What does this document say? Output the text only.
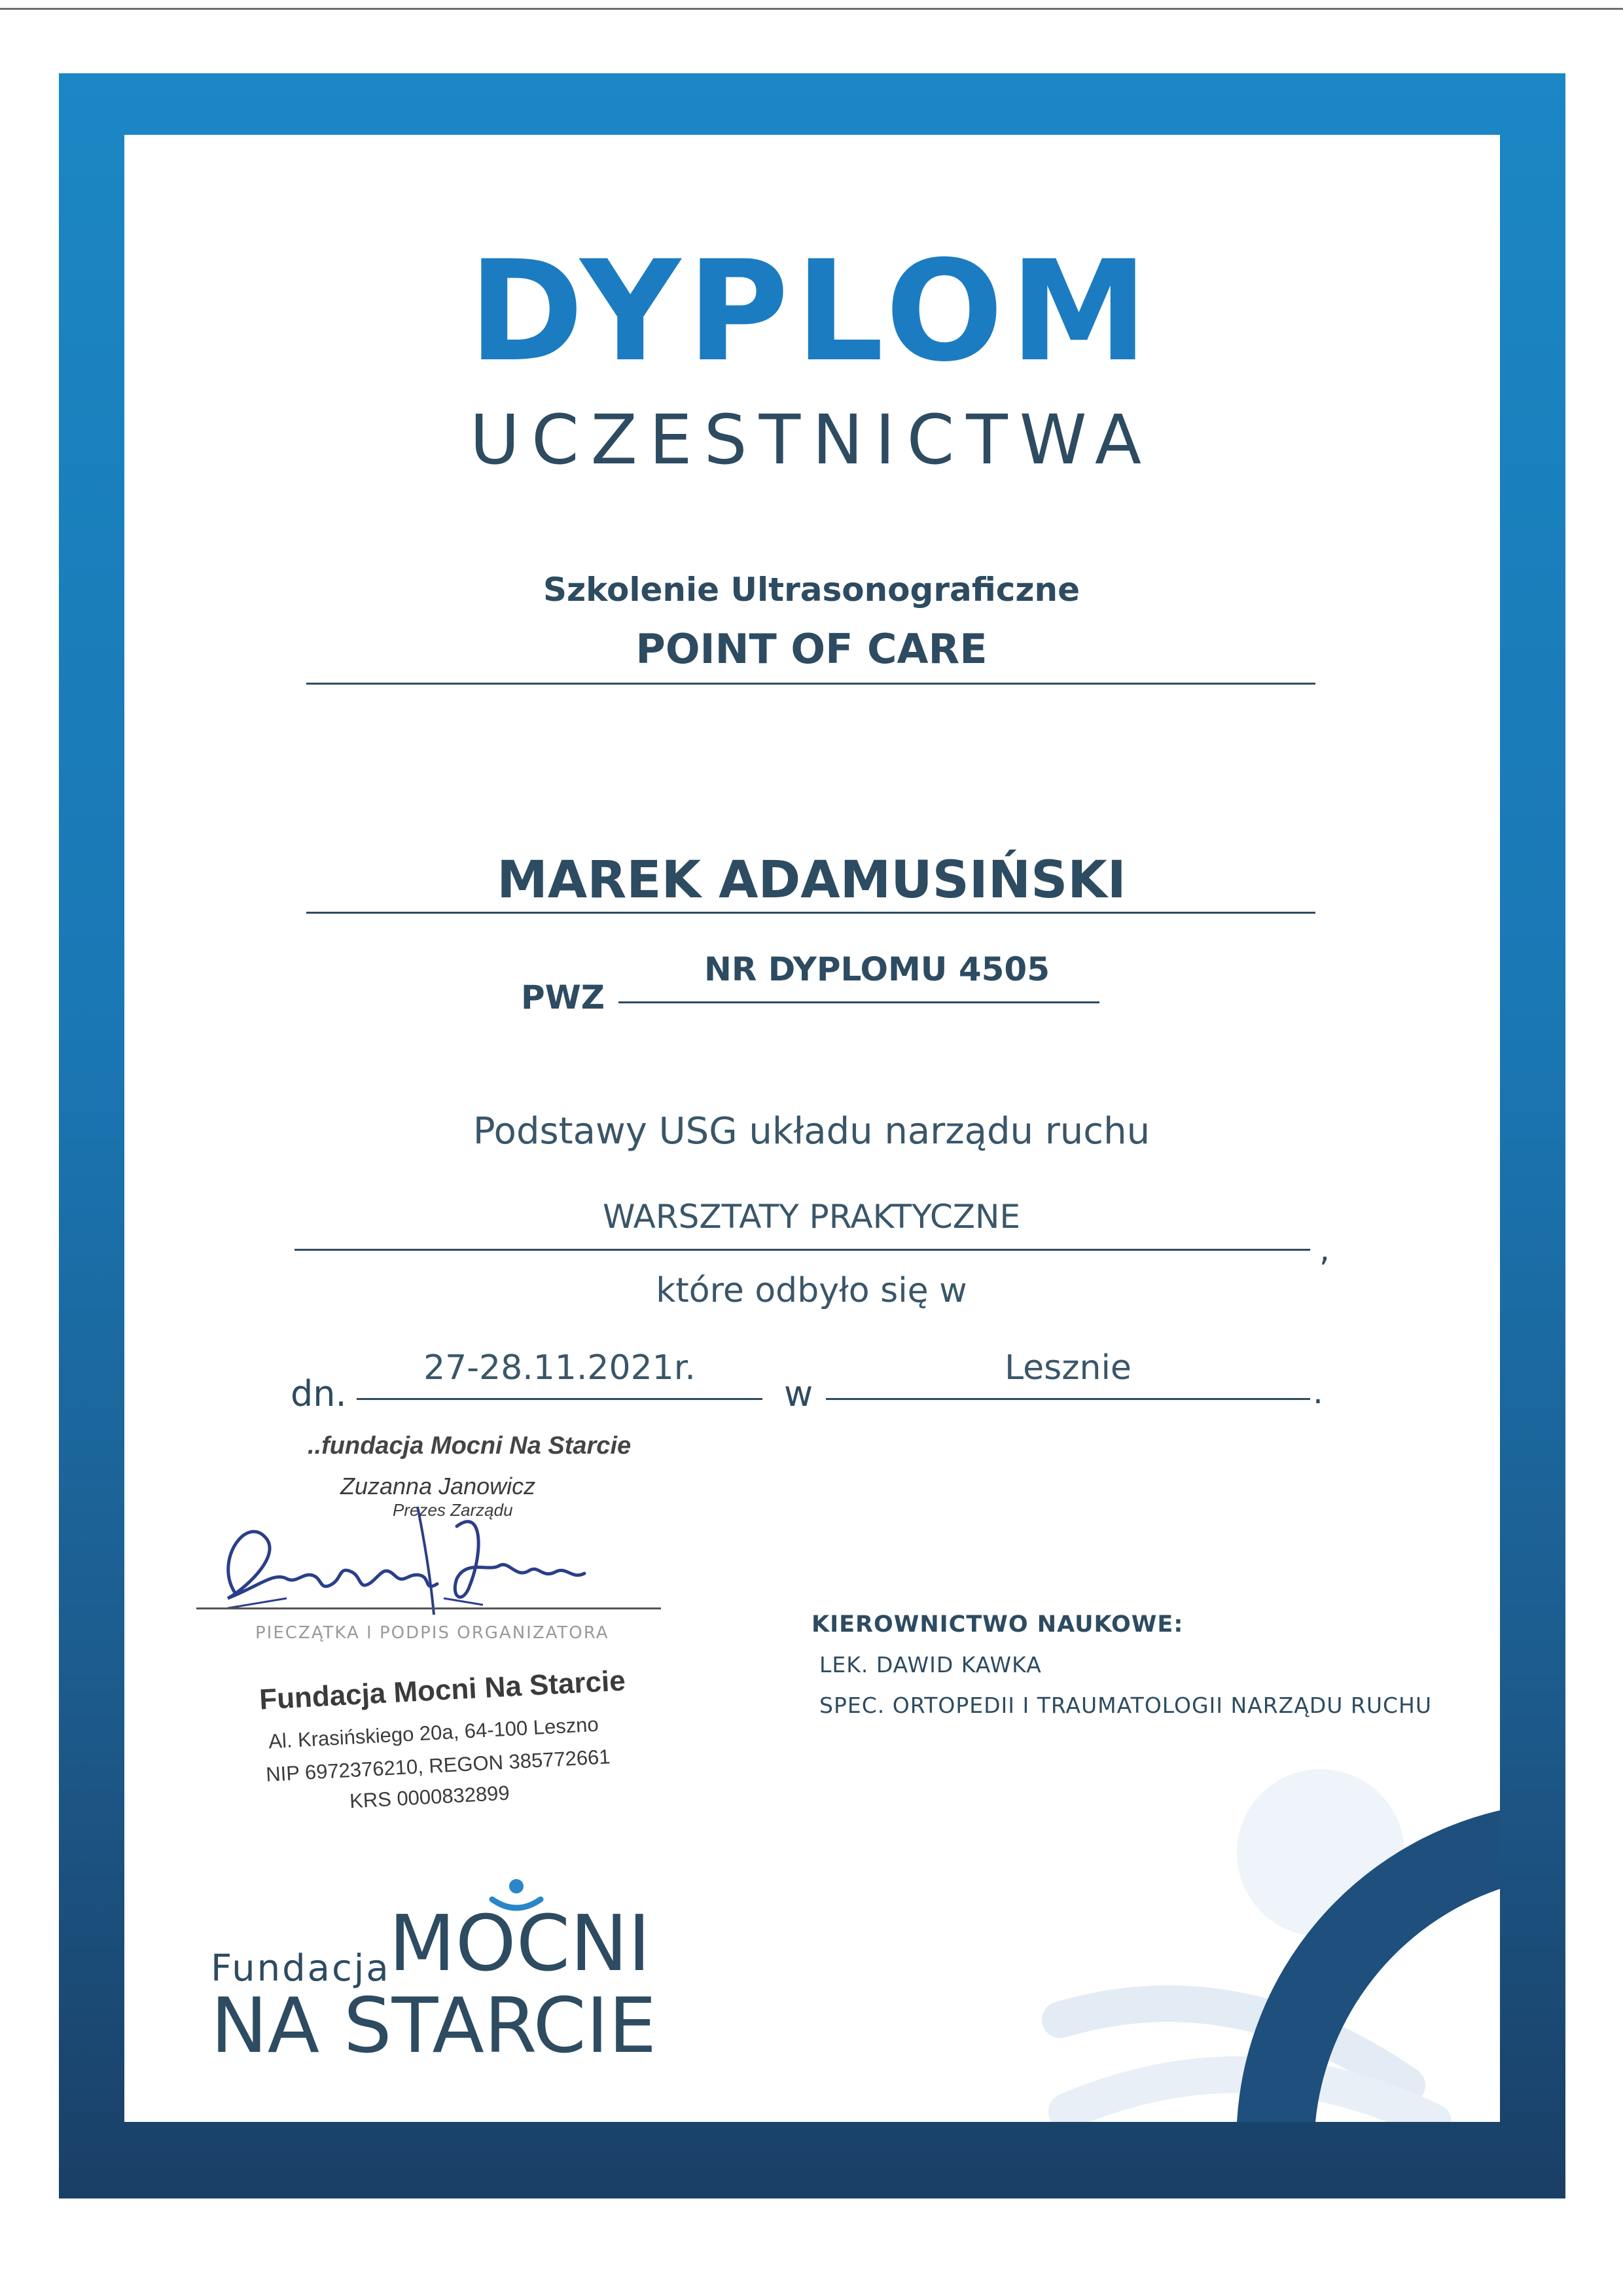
DYPLOM
UCZESTNICTWA
Szkolenie Ultrasonograficzne
POINT OF CARE
MAREK ADAMUSIŃSKI
PWZ
NR DYPLOMU 4505
Podstawy USG układu narządu ruchu
WARSZTATY PRAKTYCZNE
,
które odbyło się w
dn.
27-28.11.2021r.
w
Lesznie
.
..fundacja Mocni Na Starcie
Zuzanna Janowicz
Prezes Zarządu
PIECZĄTKA I PODPIS ORGANIZATORA
Fundacja Mocni Na Starcie
Al. Krasińskiego 20a, 64-100 Leszno
NIP 6972376210, REGON 385772661
KRS 0000832899
KIEROWNICTWO NAUKOWE:
LEK. DAWID KAWKA
SPEC. ORTOPEDII I TRAUMATOLOGII NARZĄDU RUCHU
Fundacja
MOCNI
NA STARCIE
